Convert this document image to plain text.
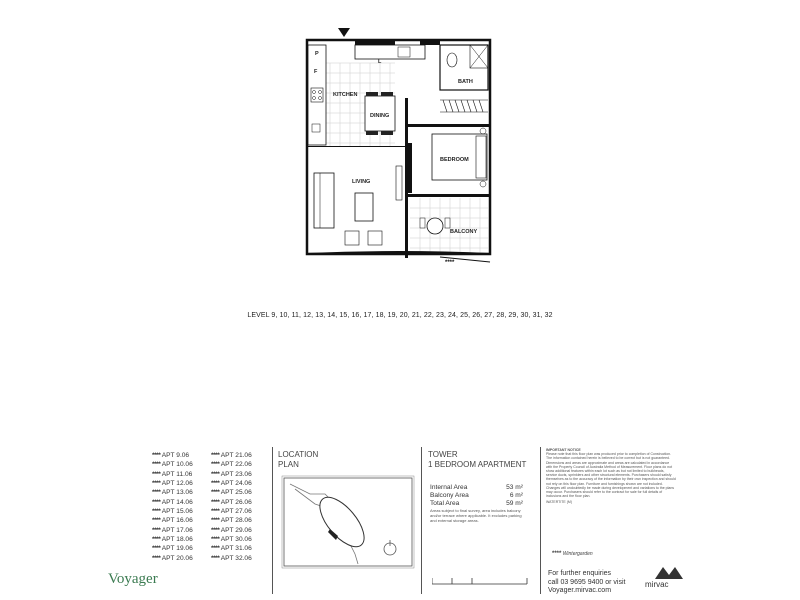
P
F
L
KITCHEN
BATH
DINING
BEDROOM
LIVING
BALCONY
****
LEVEL 9, 10, 11, 12, 13, 14, 15, 16, 17, 18, 19, 20, 21, 22, 23, 24, 25, 26, 27, 28, 29, 30, 31, 32
**** APT 9.06	**** APT 21.06
**** APT 10.06	**** APT 22.06
**** APT 11.06	**** APT 23.06
**** APT 12.06	**** APT 24.06
**** APT 13.06	**** APT 25.06
**** APT 14.06	**** APT 26.06
**** APT 15.06	**** APT 27.06
**** APT 16.06	**** APT 28.06
**** APT 17.06	**** APT 29.06
**** APT 18.06	**** APT 30.06
**** APT 19.06	**** APT 31.06
**** APT 20.06	**** APT 32.06
LOCATION
PLAN
TOWER
1 BEDROOM APARTMENT
Internal Area	53 m²
Balcony Area	6 m²
Total Area	59 m²
Areas subject to final survey, area includes balcony and/or terrace where applicable. It excludes parking and external storage areas.
IMPORTANT NOTICE
Please note that this floor plan was produced prior to completion of Construction. The information contained herein is believed to be correct but is not guaranteed. Dimensions and areas are approximate and areas are calculated in accordance with the Property Council of Australia Method of Measurement. Floor plans do not show additional features within each lot such as but not limited to bulkheads, service ducts, sprinklers and other structural elements. Purchasers should satisfy themselves as to the accuracy of the information by their own inspection and should not rely on this floor plan. Furniture and furnishings shown are not included. Changes will undoubtedly be made during development and variations to the plans may occur. Purchasers should refer to the contract for sale for full details of inclusions and the floor plan.
WATERTITE (M)
**** Wintergarden
For further enquiries
call 03 9695 9400 or visit
Voyager.mirvac.com
Voyager	mirvac
